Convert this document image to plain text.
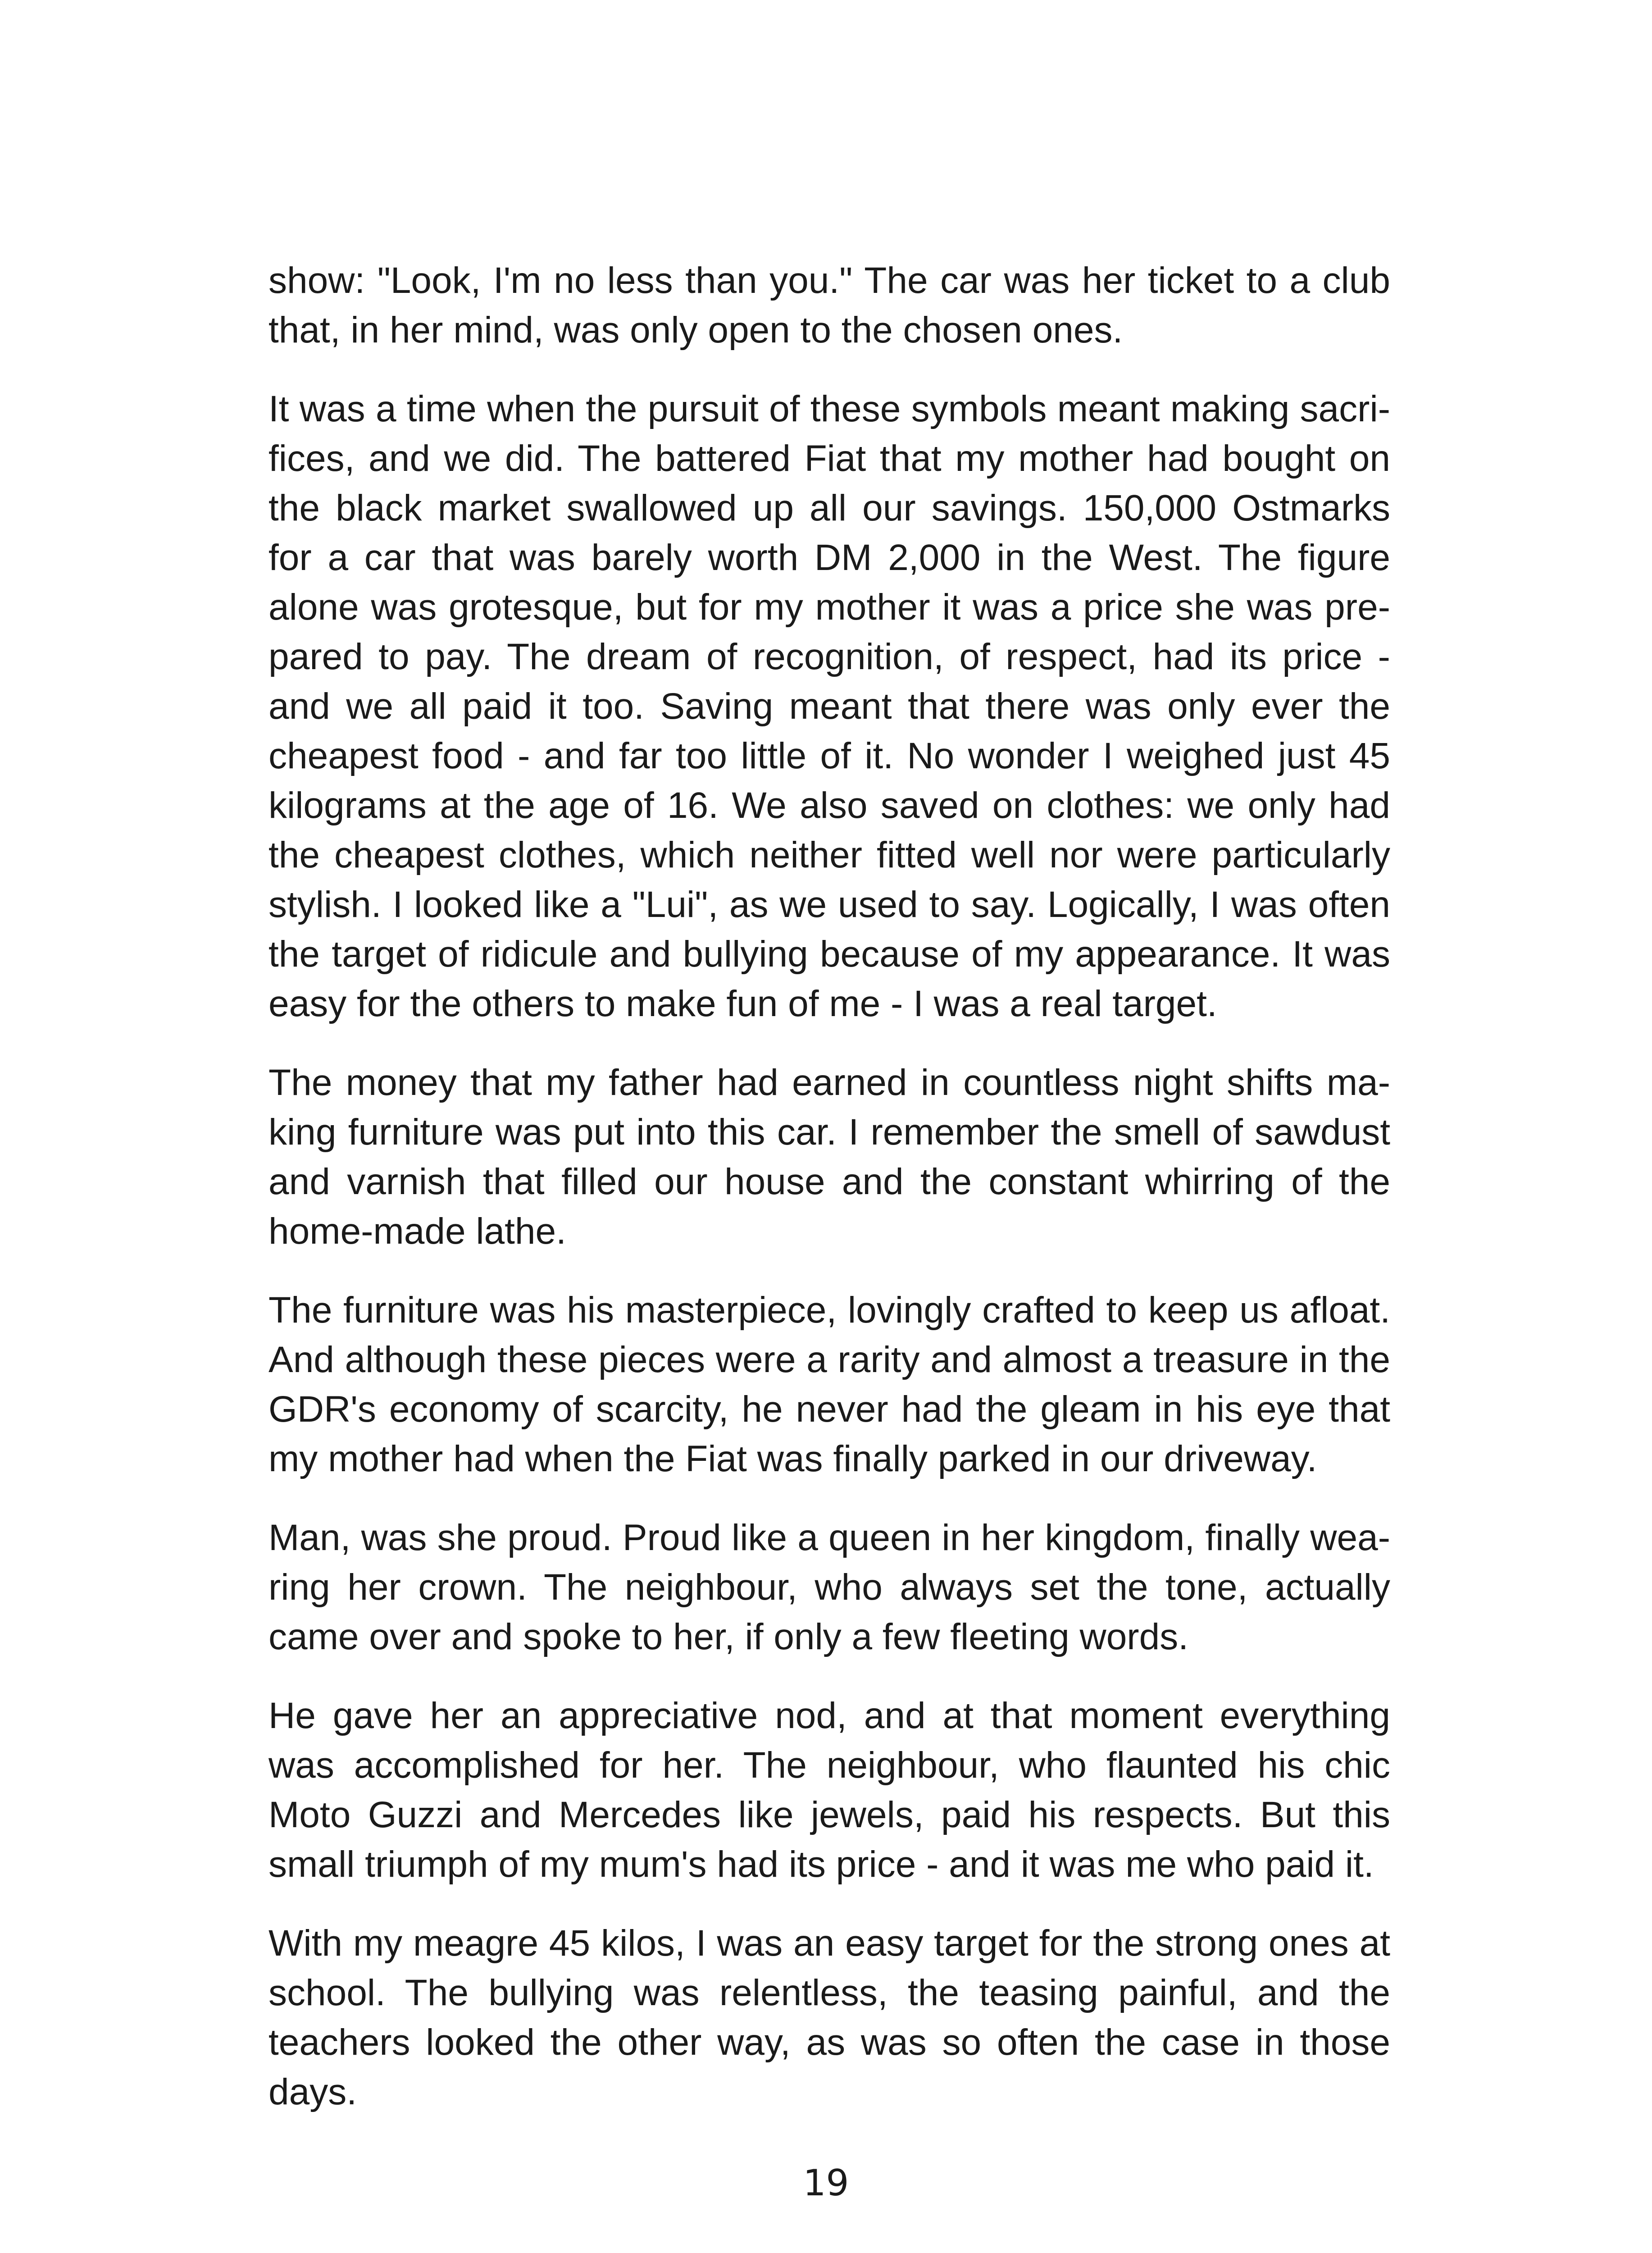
show: "Look, I'm no less than you." The car was her ticket to a club that, in her mind, was only open to the chosen ones.

It was a time when the pursuit of these symbols meant making sacrifices, and we did. The battered Fiat that my mother had bought on the black market swallowed up all our savings. 150,000 Ostmarks for a car that was barely worth DM 2,000 in the West. The figure alone was grotesque, but for my mother it was a price she was prepared to pay. The dream of recognition, of respect, had its price - and we all paid it too. Saving meant that there was only ever the cheapest food - and far too little of it. No wonder I weighed just 45 kilograms at the age of 16. We also saved on clothes: we only had the cheapest clothes, which neither fitted well nor were particularly stylish. I looked like a "Lui", as we used to say. Logically, I was often the target of ridicule and bullying because of my appearance. It was easy for the others to make fun of me - I was a real target.

The money that my father had earned in countless night shifts making furniture was put into this car. I remember the smell of sawdust and varnish that filled our house and the constant whirring of the home-made lathe.

The furniture was his masterpiece, lovingly crafted to keep us afloat. And although these pieces were a rarity and almost a treasure in the GDR's economy of scarcity, he never had the gleam in his eye that my mother had when the Fiat was finally parked in our driveway.

Man, was she proud. Proud like a queen in her kingdom, finally wearing her crown. The neighbour, who always set the tone, actually came over and spoke to her, if only a few fleeting words.

He gave her an appreciative nod, and at that moment everything was accomplished for her. The neighbour, who flaunted his chic Moto Guzzi and Mercedes like jewels, paid his respects. But this small triumph of my mum's had its price - and it was me who paid it.

With my meagre 45 kilos, I was an easy target for the strong ones at school. The bullying was relentless, the teasing painful, and the teachers looked the other way, as was so often the case in those days.

19
